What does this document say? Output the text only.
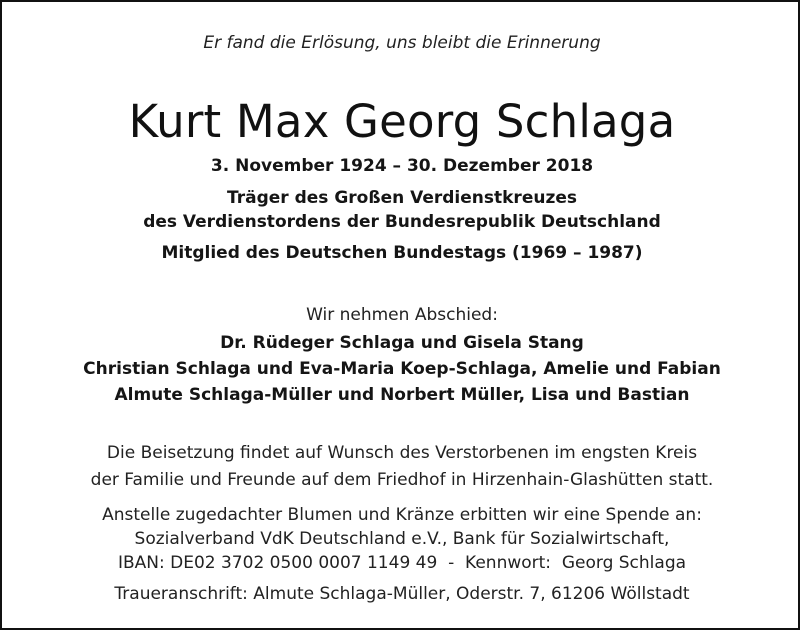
Er fand die Erlösung, uns bleibt die Erinnerung
Kurt Max Georg Schlaga
3. November 1924 – 30. Dezember 2018
Träger des Großen Verdienstkreuzes
des Verdienstordens der Bundesrepublik Deutschland
Mitglied des Deutschen Bundestags (1969 – 1987)
Wir nehmen Abschied:
Dr. Rüdeger Schlaga und Gisela Stang
Christian Schlaga und Eva-Maria Koep-Schlaga, Amelie und Fabian
Almute Schlaga-Müller und Norbert Müller, Lisa und Bastian
Die Beisetzung findet auf Wunsch des Verstorbenen im engsten Kreis
der Familie und Freunde auf dem Friedhof in Hirzenhain-Glashütten statt.
Anstelle zugedachter Blumen und Kränze erbitten wir eine Spende an:
Sozialverband VdK Deutschland e.V., Bank für Sozialwirtschaft,
IBAN: DE02 3702 0500 0007 1149 49  -  Kennwort:  Georg Schlaga
Traueranschrift: Almute Schlaga-Müller, Oderstr. 7, 61206 Wöllstadt
